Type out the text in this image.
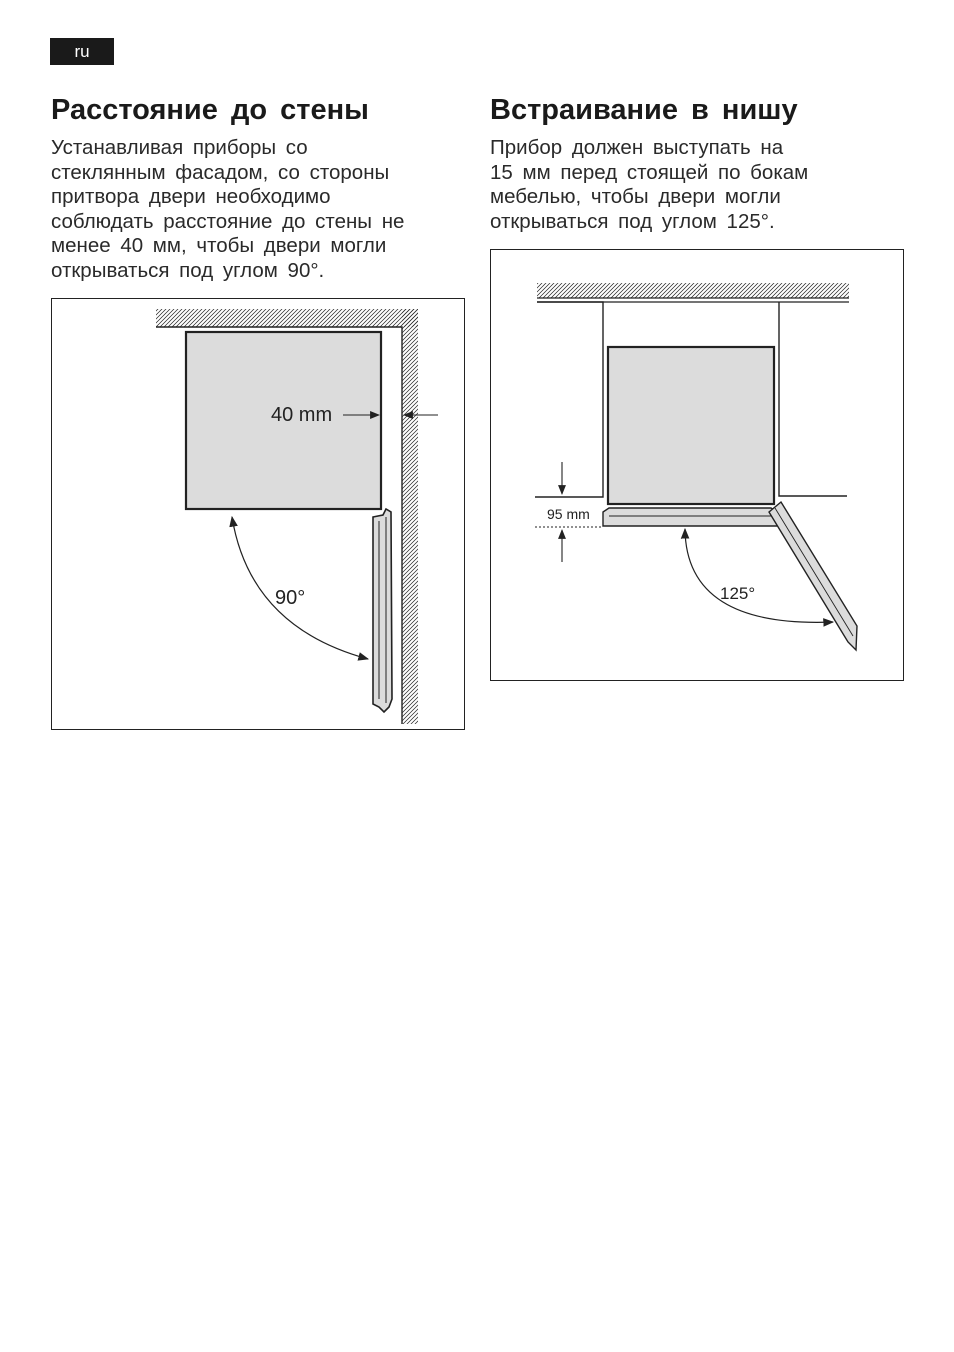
ru
Расстояние до стены

Устанавливая приборы со
стеклянным фасадом, со стороны
притвора двери необходимо
соблюдать расстояние до стены не
менее 40 мм, чтобы двери могли
открываться под углом 90°.

Встраивание в нишу

Прибор должен выступать на
15 мм перед стоящей по бокам
мебелью, чтобы двери могли
открываться под углом 125°.

40 mm
90°
95 mm
125°
